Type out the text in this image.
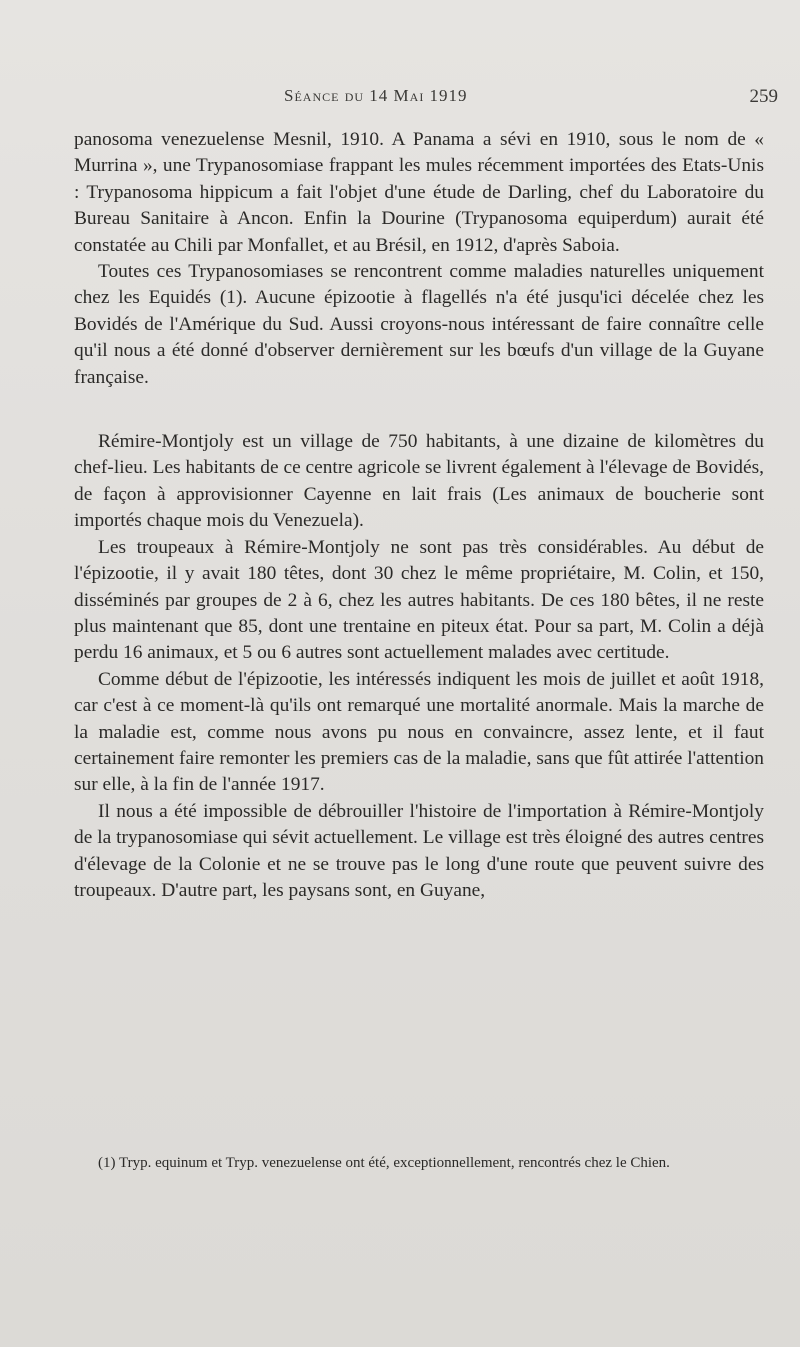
Séance du 14 Mai 1919	259

panosoma venezuelense Mesnil, 1910. A Panama a sévi en 1910, sous le nom de « Murrina », une Trypanosomiase frappant les mules récemment importées des Etats-Unis : Trypanosoma hippicum a fait l'objet d'une étude de Darling, chef du Laboratoire du Bureau Sanitaire à Ancon. Enfin la Dourine (Trypanosoma equiperdum) aurait été constatée au Chili par Monfallet, et au Brésil, en 1912, d'après Saboia.

Toutes ces Trypanosomiases se rencontrent comme maladies naturelles uniquement chez les Equidés (1). Aucune épizootie à flagellés n'a été jusqu'ici décelée chez les Bovidés de l'Amérique du Sud. Aussi croyons-nous intéressant de faire connaître celle qu'il nous a été donné d'observer dernièrement sur les bœufs d'un village de la Guyane française.

Rémire-Montjoly est un village de 750 habitants, à une dizaine de kilomètres du chef-lieu. Les habitants de ce centre agricole se livrent également à l'élevage de Bovidés, de façon à approvisionner Cayenne en lait frais (Les animaux de boucherie sont importés chaque mois du Venezuela).

Les troupeaux à Rémire-Montjoly ne sont pas très considérables. Au début de l'épizootie, il y avait 180 têtes, dont 30 chez le même propriétaire, M. Colin, et 150, disséminés par groupes de 2 à 6, chez les autres habitants. De ces 180 bêtes, il ne reste plus maintenant que 85, dont une trentaine en piteux état. Pour sa part, M. Colin a déjà perdu 16 animaux, et 5 ou 6 autres sont actuellement malades avec certitude.

Comme début de l'épizootie, les intéressés indiquent les mois de juillet et août 1918, car c'est à ce moment-là qu'ils ont remarqué une mortalité anormale. Mais la marche de la maladie est, comme nous avons pu nous en convaincre, assez lente, et il faut certainement faire remonter les premiers cas de la maladie, sans que fût attirée l'attention sur elle, à la fin de l'année 1917.

Il nous a été impossible de débrouiller l'histoire de l'importation à Rémire-Montjoly de la trypanosomiase qui sévit actuellement. Le village est très éloigné des autres centres d'élevage de la Colonie et ne se trouve pas le long d'une route que peuvent suivre des troupeaux. D'autre part, les paysans sont, en Guyane,

(1) Tryp. equinum et Tryp. venezuelense ont été, exceptionnellement, rencontrés chez le Chien.
